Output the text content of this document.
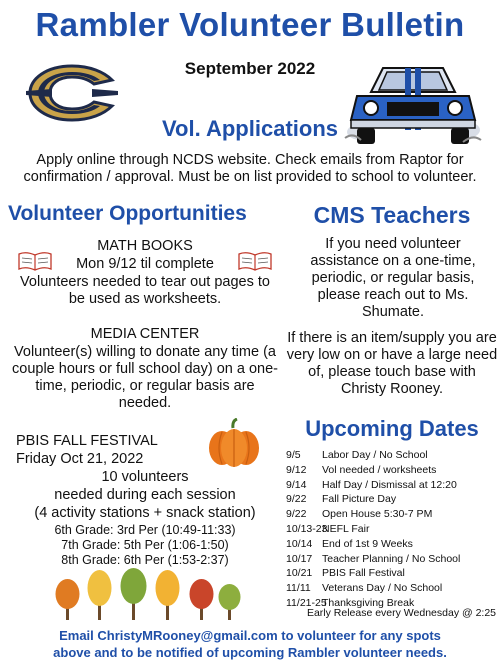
Rambler Volunteer Bulletin
September 2022
Vol. Applications
Apply online through NCDS website. Check emails from Raptor for confirmation / approval. Must be on list provided to school to volunteer.
Volunteer Opportunities
MATH BOOKS
Mon 9/12 til complete
Volunteers needed to tear out pages to be used as worksheets.
MEDIA CENTER
Volunteer(s) willing to donate any time (a couple hours or full school day) on a one-time, periodic, or regular basis are needed.
PBIS FALL FESTIVAL
Friday Oct 21, 2022
10 volunteers
needed during each session
(4 activity stations + snack station)
6th Grade: 3rd Per (10:49-11:33)
7th Grade: 5th Per (1:06-1:50)
8th Grade: 6th Per (1:53-2:37)
CMS Teachers
If you need volunteer assistance on a one-time, periodic, or regular basis, please reach out to Ms. Shumate.
If there is an item/supply you are very low on or have a large need of, please touch base with Christy Rooney.
Upcoming Dates
9/5 Labor Day / No School
9/12 Vol needed / worksheets
9/14 Half Day / Dismissal at 12:20
9/22 Fall Picture Day
9/22 Open House 5:30-7 PM
10/13-23NEFL Fair
10/14 End of 1st 9 Weeks
10/17 Teacher Planning / No School
10/21 PBIS Fall Festival
11/11 Veterans Day / No School
11/21-25Thanksgiving Break
Early Release every Wednesday @ 2:25
Email ChristyMRooney@gmail.com to volunteer for any spots
above and to be notified of upcoming Rambler volunteer needs.
